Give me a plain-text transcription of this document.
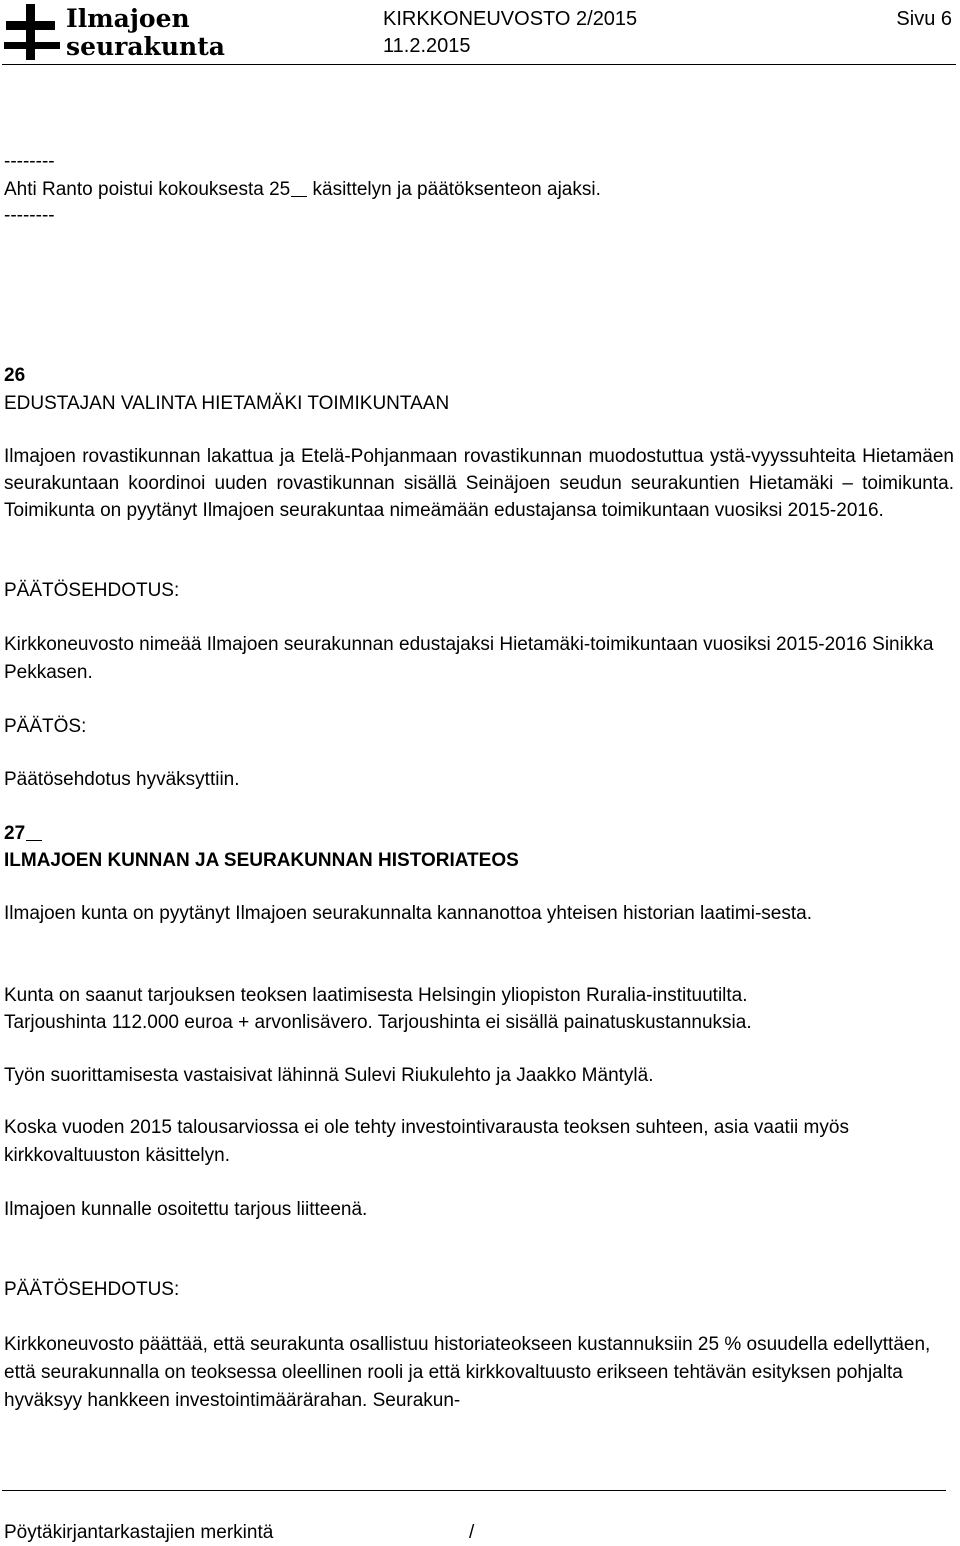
Ilmajoen
seurakunta
KIRKKONEUVOSTO 2/2015
11.2.2015
Sivu 6
--------
Ahti Ranto poistui kokouksesta 25 käsittelyn ja päätöksenteon ajaksi.
--------
26
EDUSTAJAN VALINTA HIETAMÄKI TOIMIKUNTAAN
Ilmajoen rovastikunnan lakattua ja Etelä-Pohjanmaan rovastikunnan muodostuttua ystä-vyyssuhteita Hietamäen seurakuntaan koordinoi uuden rovastikunnan sisällä Seinäjoen seudun seurakuntien Hietamäki – toimikunta. Toimikunta on pyytänyt Ilmajoen seurakuntaa nimeämään edustajansa toimikuntaan vuosiksi 2015-2016.
PÄÄTÖSEHDOTUS:
Kirkkoneuvosto nimeää Ilmajoen seurakunnan edustajaksi Hietamäki-toimikuntaan vuosiksi 2015-2016 Sinikka Pekkasen.
PÄÄTÖS:
Päätösehdotus hyväksyttiin.
27
ILMAJOEN KUNNAN JA SEURAKUNNAN HISTORIATEOS
Ilmajoen kunta on pyytänyt Ilmajoen seurakunnalta kannanottoa yhteisen historian laatimi-sesta.
Kunta on saanut tarjouksen teoksen laatimisesta Helsingin yliopiston Ruralia-instituutilta.
Tarjoushinta 112.000 euroa + arvonlisävero. Tarjoushinta ei sisällä painatuskustannuksia.
Työn suorittamisesta vastaisivat lähinnä Sulevi Riukulehto ja Jaakko Mäntylä.
Koska vuoden 2015 talousarviossa ei ole tehty investointivarausta teoksen suhteen, asia vaatii myös kirkkovaltuuston käsittelyn.
Ilmajoen kunnalle osoitettu tarjous liitteenä.
PÄÄTÖSEHDOTUS:
Kirkkoneuvosto päättää, että seurakunta osallistuu historiateokseen kustannuksiin 25 % osuudella edellyttäen, että seurakunnalla on teoksessa oleellinen rooli ja että kirkkovaltuusto erikseen tehtävän esityksen pohjalta hyväksyy hankkeen investointimäärärahan. Seurakun-
Pöytäkirjantarkastajien merkintä	/
